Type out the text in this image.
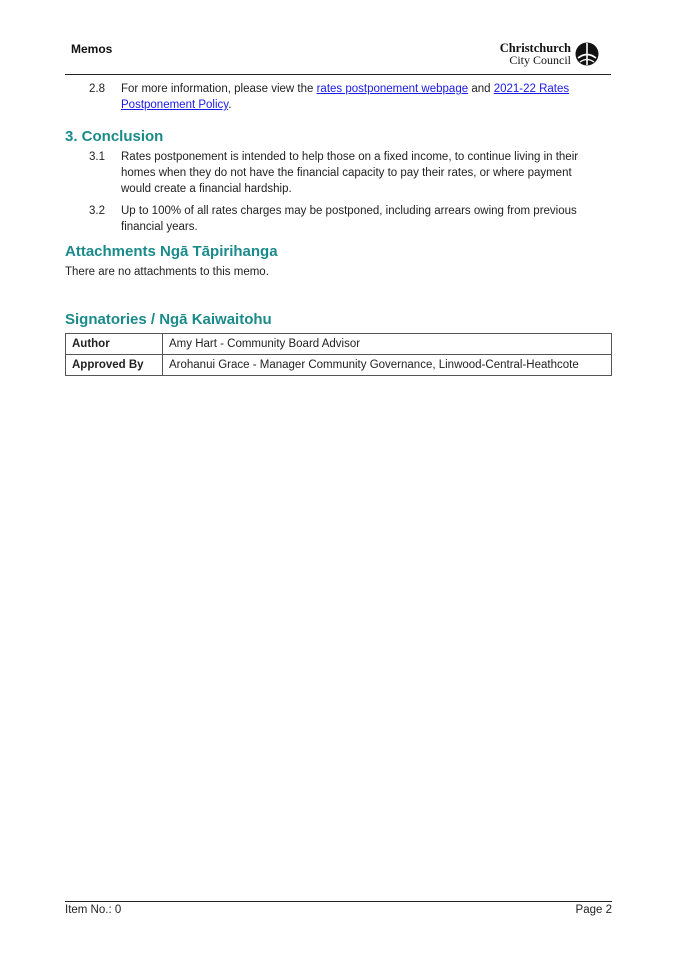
Memos	Christchurch
City Council
2.8 For more information, please view the rates postponement webpage and 2021-22 Rates Postponement Policy.
3. Conclusion
3.1 Rates postponement is intended to help those on a fixed income, to continue living in their homes when they do not have the financial capacity to pay their rates, or where payment would create a financial hardship.
3.2 Up to 100% of all rates charges may be postponed, including arrears owing from previous financial years.
Attachments Ngā Tāpirihanga
There are no attachments to this memo.
Signatories / Ngā Kaiwaitohu
Author	Amy Hart - Community Board Advisor
Approved By	Arohanui Grace - Manager Community Governance, Linwood-Central-Heathcote
Item No.: 0	Page 2
